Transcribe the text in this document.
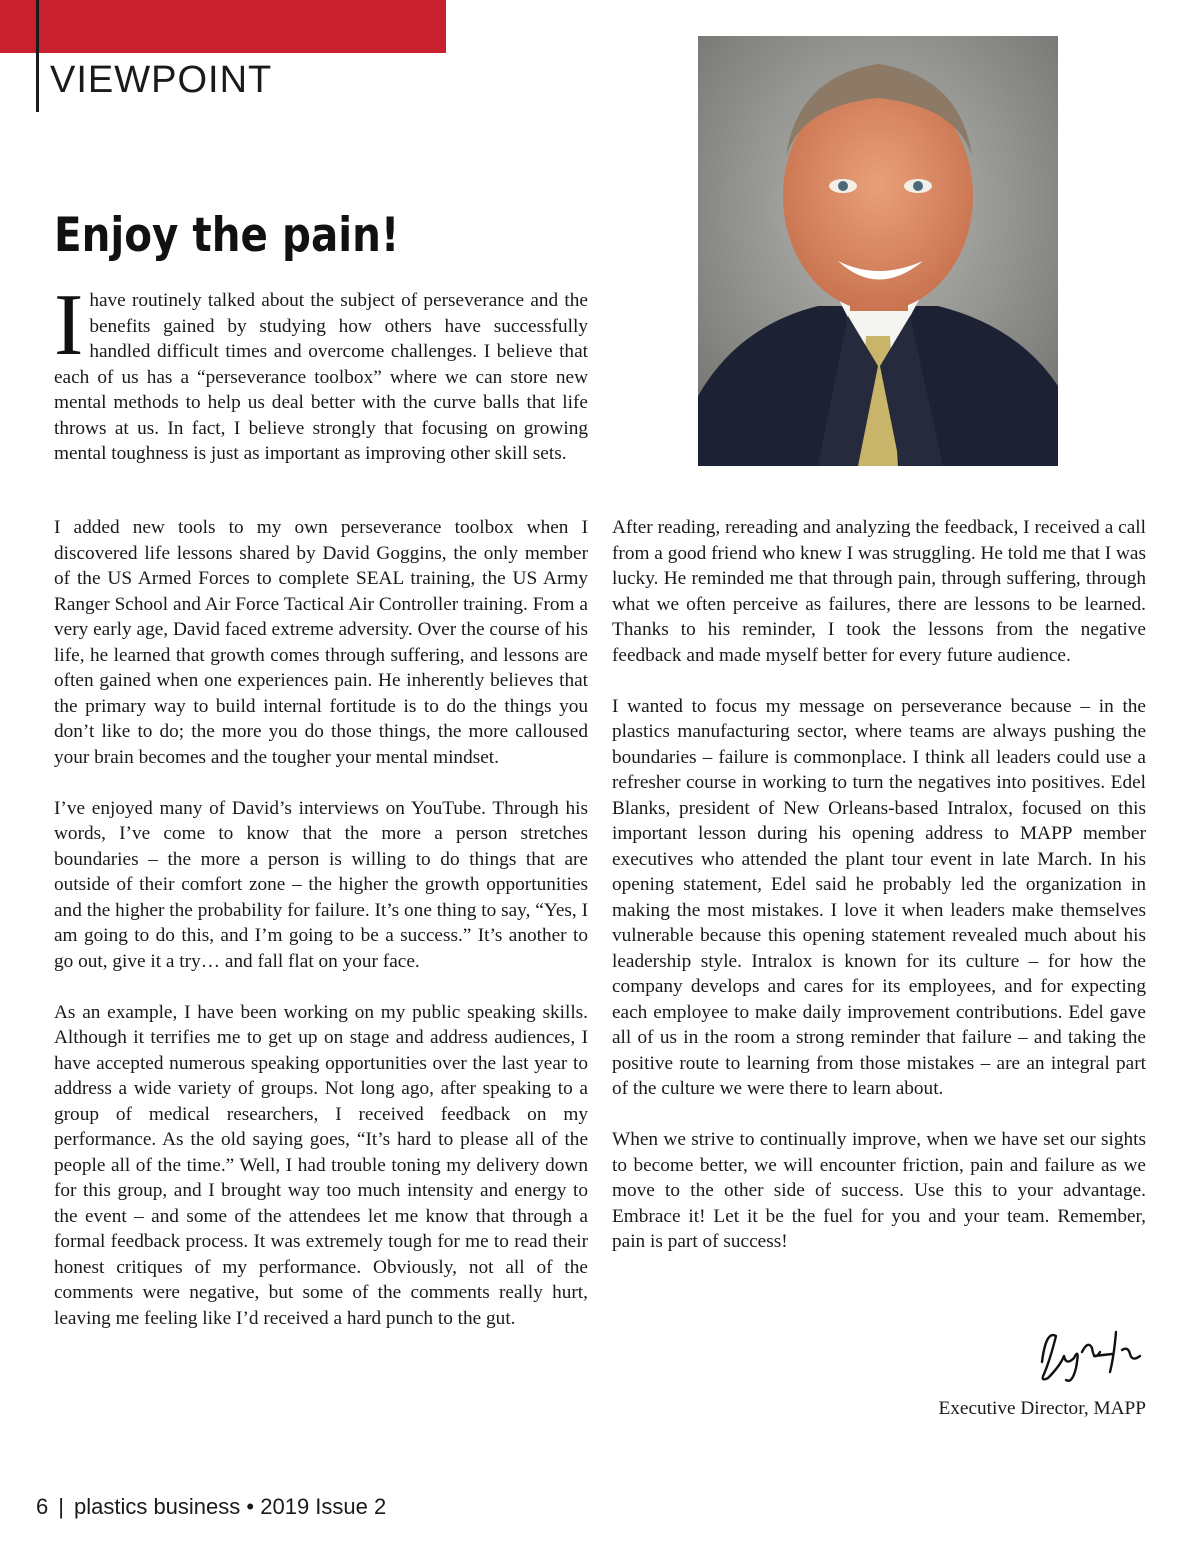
VIEWPOINT
Enjoy the pain!
Ihave routinely talked about the subject of perseverance and the benefits gained by studying how others have successfully handled difficult times and overcome challenges. I believe that each of us has a “perseverance toolbox” where we can store new mental methods to help us deal better with the curve balls that life throws at us. In fact, I believe strongly that focusing on growing mental toughness is just as important as improving other skill sets.

I added new tools to my own perseverance toolbox when I discovered life lessons shared by David Goggins, the only member of the US Armed Forces to complete SEAL training, the US Army Ranger School and Air Force Tactical Air Controller training. From a very early age, David faced extreme adversity. Over the course of his life, he learned that growth comes through suffering, and lessons are often gained when one experiences pain. He inherently believes that the primary way to build internal fortitude is to do the things you don’t like to do; the more you do those things, the more calloused your brain becomes and the tougher your mental mindset.

I’ve enjoyed many of David’s interviews on YouTube. Through his words, I’ve come to know that the more a person stretches boundaries – the more a person is willing to do things that are outside of their comfort zone – the higher the growth opportunities and the higher the probability for failure. It’s one thing to say, “Yes, I am going to do this, and I’m going to be a success.” It’s another to go out, give it a try… and fall flat on your face.

As an example, I have been working on my public speaking skills. Although it terrifies me to get up on stage and address audiences, I have accepted numerous speaking opportunities over the last year to address a wide variety of groups. Not long ago, after speaking to a group of medical researchers, I received feedback on my performance. As the old saying goes, “It’s hard to please all of the people all of the time.” Well, I had trouble toning my delivery down for this group, and I brought way too much intensity and energy to the event – and some of the attendees let me know that through a formal feedback process. It was extremely tough for me to read their honest critiques of my performance. Obviously, not all of the comments were negative, but some of the comments really hurt, leaving me feeling like I’d received a hard punch to the gut.

After reading, rereading and analyzing the feedback, I received a call from a good friend who knew I was struggling. He told me that I was lucky. He reminded me that through pain, through suffering, through what we often perceive as failures, there are lessons to be learned. Thanks to his reminder, I took the lessons from the negative feedback and made myself better for every future audience.

I wanted to focus my message on perseverance because – in the plastics manufacturing sector, where teams are always pushing the boundaries – failure is commonplace. I think all leaders could use a refresher course in working to turn the negatives into positives. Edel Blanks, president of New Orleans-based Intralox, focused on this important lesson during his opening address to MAPP member executives who attended the plant tour event in late March. In his opening statement, Edel said he probably led the organization in making the most mistakes. I love it when leaders make themselves vulnerable because this opening statement revealed much about his leadership style. Intralox is known for its culture – for how the company develops and cares for its employees, and for expecting each employee to make daily improvement contributions. Edel gave all of us in the room a strong reminder that failure – and taking the positive route to learning from those mistakes – are an integral part of the culture we were there to learn about.

When we strive to continually improve, when we have set our sights to become better, we will encounter friction, pain and failure as we move to the other side of success. Use this to your advantage. Embrace it! Let it be the fuel for you and your team. Remember, pain is part of success!

Executive Director, MAPP
6 | plastics business • 2019 Issue 2
